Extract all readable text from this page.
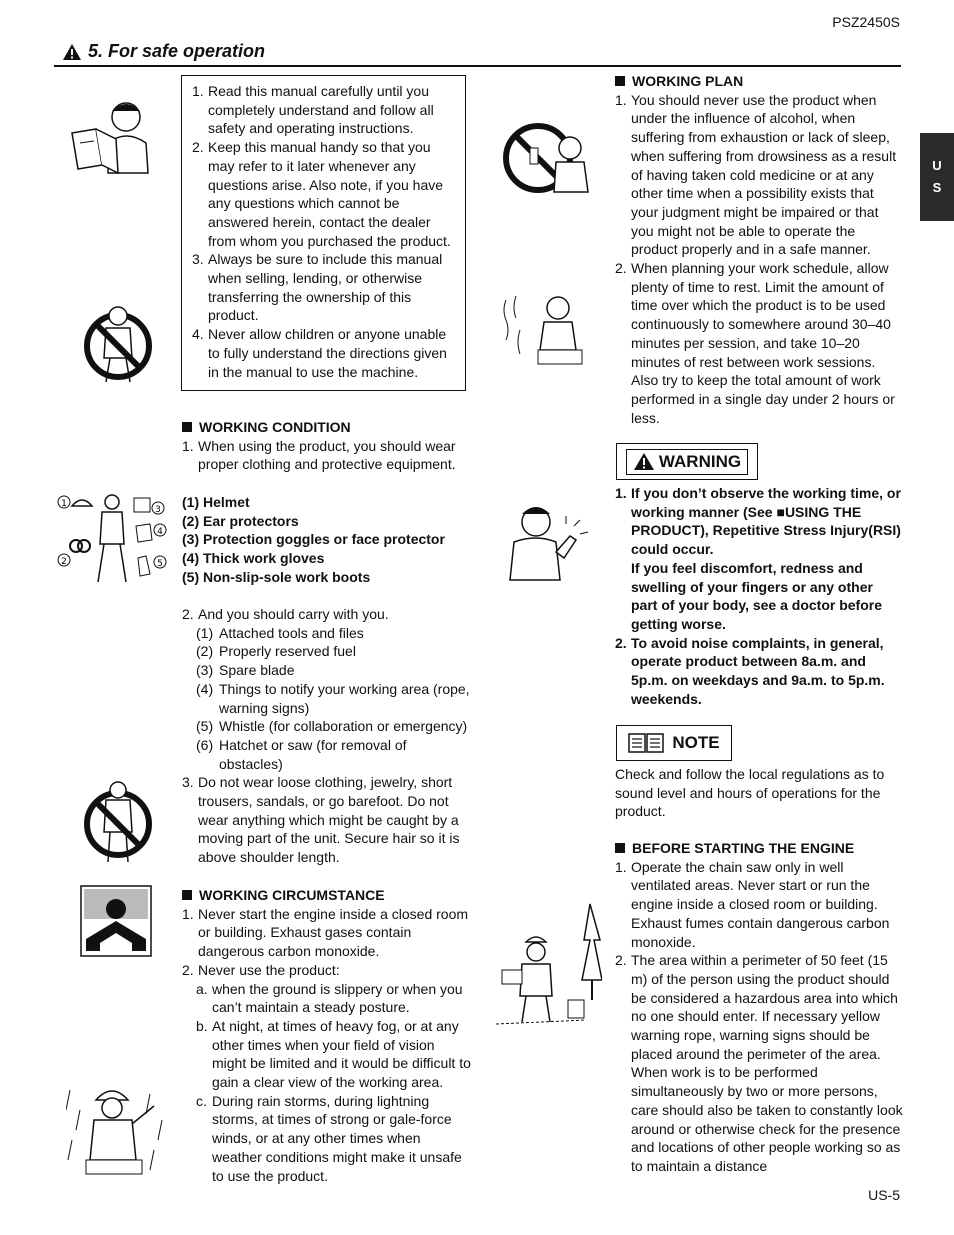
PSZ2450S
5. For safe operation
U
S
US-5
1
2
3
4
5
1. Read this manual carefully until you completely understand and follow all safety and operating instructions.
2. Keep this manual handy so that you may refer to it later whenever any questions arise. Also note, if you have any questions which cannot be answered herein, contact the dealer from whom you purchased the product.
3. Always be sure to include this manual when selling, lending, or otherwise transferring the ownership of this product.
4. Never allow children or anyone unable to fully understand the directions given in the manual to use the machine.
WORKING CONDITION
1. When using the product, you should wear proper clothing and protective equipment.
(1) Helmet
(2) Ear protectors
(3) Protection goggles or face protector
(4) Thick work gloves
(5) Non-slip-sole work boots
2. And you should carry with you.
(1) Attached tools and files
(2) Properly reserved fuel
(3) Spare blade
(4) Things to notify your working area (rope, warning signs)
(5) Whistle (for collaboration or emergency)
(6) Hatchet or saw (for removal of obstacles)
3. Do not wear loose clothing, jewelry, short trousers, sandals, or go barefoot. Do not wear anything which might be caught by a moving part of the unit. Secure hair so it is above shoulder length.
WORKING CIRCUMSTANCE
1. Never start the engine inside a closed room or building. Exhaust gases contain dangerous carbon monoxide.
2. Never use the product:
a. when the ground is slippery or when you can’t maintain a steady posture.
b. At night, at times of heavy fog, or at any other times when your field of vision might be limited and it would be difficult to gain a clear view of the working area.
c. During rain storms, during lightning storms, at times of strong or gale-force winds, or at any other times when weather conditions might make it unsafe to use the product.
WORKING PLAN
1. You should never use the product when under the influence of alcohol, when suffering from exhaustion or lack of sleep, when suffering from drowsiness as a result of having taken cold medicine or at any other time when a possibility exists that your judgment might be impaired or that you might not be able to operate the product properly and in a safe manner.
2. When planning your work schedule, allow plenty of time to rest. Limit the amount of time over which the product is to be used continuously to somewhere around 30–40 minutes per session, and take 10–20 minutes of rest between work sessions. Also try to keep the total amount of work performed in a single day under 2 hours or less.
WARNING
1. If you don’t observe the working time, or working manner (See ■USING THE PRODUCT), Repetitive Stress Injury(RSI) could occur.
If you feel discomfort, redness and swelling of your fingers or any other part of your body, see a doctor before getting worse.
2. To avoid noise complaints, in general, operate product between 8a.m. and 5p.m. on weekdays and 9a.m. to 5p.m. weekends.
NOTE
Check and follow the local regulations as to sound level and hours of operations for the product.
BEFORE STARTING THE ENGINE
1. Operate the chain saw only in well ventilated areas. Never start or run the engine inside a closed room or building. Exhaust fumes contain dangerous carbon monoxide.
2. The area within a perimeter of 50 feet (15 m) of the person using the product should be considered a hazardous area into which no one should enter. If necessary yellow warning rope, warning signs should be placed around the perimeter of the area. When work is to be performed simultaneously by two or more persons, care should also be taken to constantly look around or otherwise check for the presence and locations of other people working so as to maintain a distance
